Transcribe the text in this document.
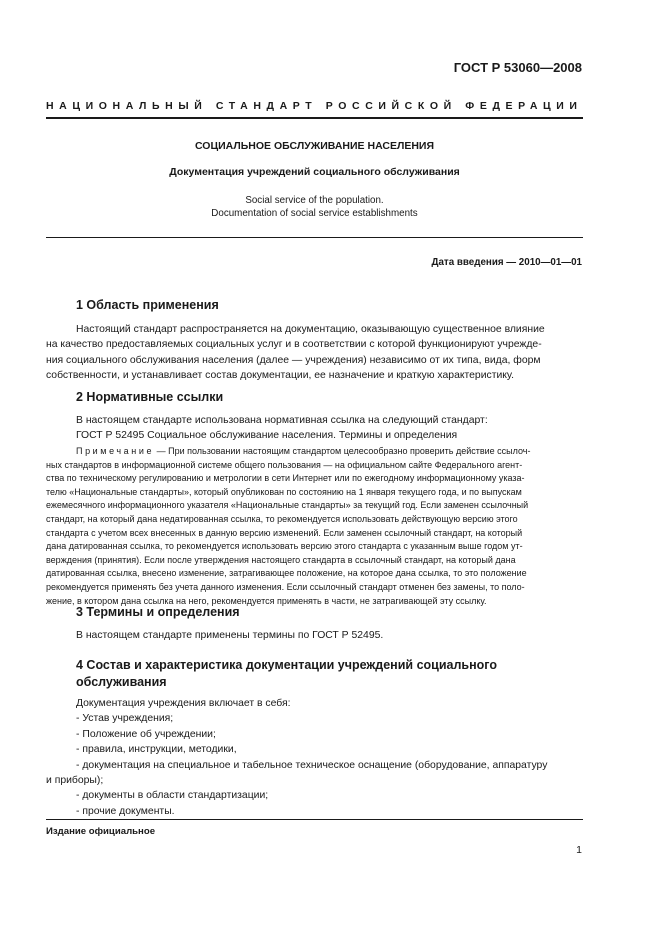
ГОСТ Р 53060—2008
НАЦИОНАЛЬНЫЙ СТАНДАРТ РОССИЙСКОЙ ФЕДЕРАЦИИ
СОЦИАЛЬНОЕ ОБСЛУЖИВАНИЕ НАСЕЛЕНИЯ
Документация учреждений социального обслуживания
Social service of the population.
Documentation of social service establishments
Дата введения — 2010—01—01
1 Область применения
Настоящий стандарт распространяется на документацию, оказывающую существенное влияние
на качество предоставляемых социальных услуг и в соответствии с которой функционируют учрежде-
ния социального обслуживания населения (далее — учреждения) независимо от их типа, вида, форм
собственности, и устанавливает состав документации, ее назначение и краткую характеристику.
2 Нормативные ссылки
В настоящем стандарте использована нормативная ссылка на следующий стандарт:
ГОСТ Р 52495 Социальное обслуживание населения. Термины и определения
Примечание — При пользовании настоящим стандартом целесообразно проверить действие ссылоч-
ных стандартов в информационной системе общего пользования — на официальном сайте Федерального агент-
ства по техническому регулированию и метрологии в сети Интернет или по ежегодному информационному указа-
телю «Национальные стандарты», который опубликован по состоянию на 1 января текущего года, и по выпускам
ежемесячного информационного указателя «Национальные стандарты» за текущий год. Если заменен ссылочный
стандарт, на который дана недатированная ссылка, то рекомендуется использовать действующую версию этого
стандарта с учетом всех внесенных в данную версию изменений. Если заменен ссылочный стандарт, на который
дана датированная ссылка, то рекомендуется использовать версию этого стандарта с указанным выше годом ут-
верждения (принятия). Если после утверждения настоящего стандарта в ссылочный стандарт, на который дана
датированная ссылка, внесено изменение, затрагивающее положение, на которое дана ссылка, то это положение
рекомендуется применять без учета данного изменения. Если ссылочный стандарт отменен без замены, то поло-
жение, в котором дана ссылка на него, рекомендуется применять в части, не затрагивающей эту ссылку.
3 Термины и определения
В настоящем стандарте применены термины по ГОСТ Р 52495.
4 Состав и характеристика документации учреждений социального
обслуживания
Документация учреждения включает в себя:
- Устав учреждения;
- Положение об учреждении;
- правила, инструкции, методики,
- документация на специальное и табельное техническое оснащение (оборудование, аппаратуру
и приборы);
- документы в области стандартизации;
- прочие документы.
Издание официальное
1
